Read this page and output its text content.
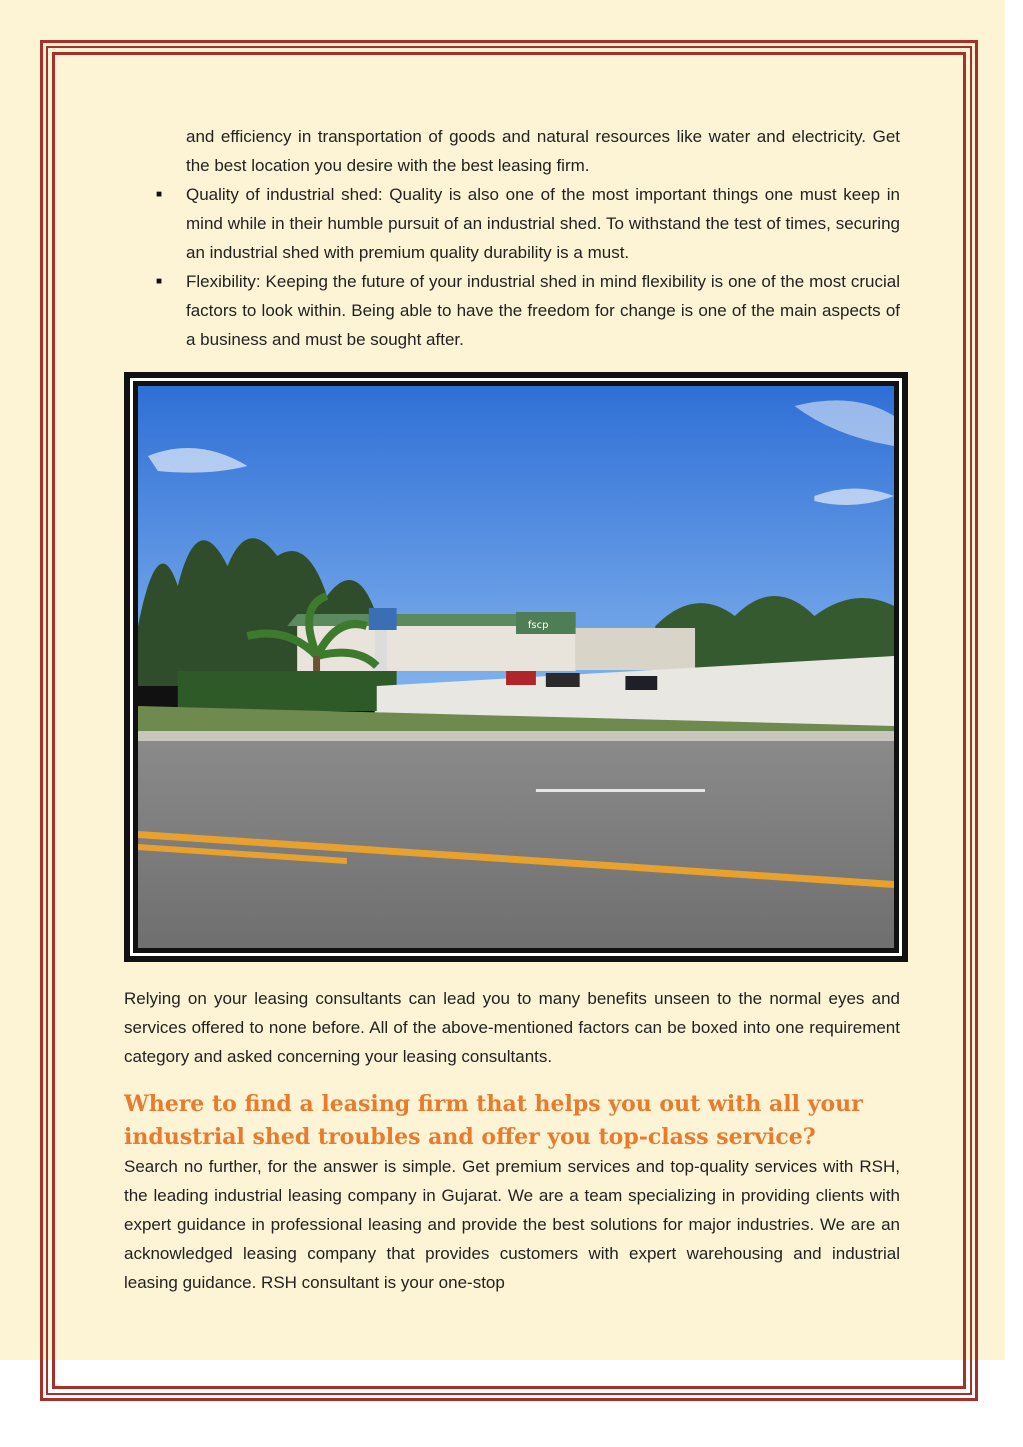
and efficiency in transportation of goods and natural resources like water and electricity. Get the best location you desire with the best leasing firm.
■ Quality of industrial shed: Quality is also one of the most important things one must keep in mind while in their humble pursuit of an industrial shed. To withstand the test of times, securing an industrial shed with premium quality durability is a must.
■ Flexibility: Keeping the future of your industrial shed in mind flexibility is one of the most crucial factors to look within. Being able to have the freedom for change is one of the main aspects of a business and must be sought after.
fscp
Relying on your leasing consultants can lead you to many benefits unseen to the normal eyes and services offered to none before. All of the above-mentioned factors can be boxed into one requirement category and asked concerning your leasing consultants.
Where to find a leasing firm that helps you out with all your industrial shed troubles and offer you top-class service?
Search no further, for the answer is simple. Get premium services and top-quality services with RSH, the leading industrial leasing company in Gujarat. We are a team specializing in providing clients with expert guidance in professional leasing and provide the best solutions for major industries. We are an acknowledged leasing company that provides customers with expert warehousing and industrial leasing guidance. RSH consultant is your one-stop
